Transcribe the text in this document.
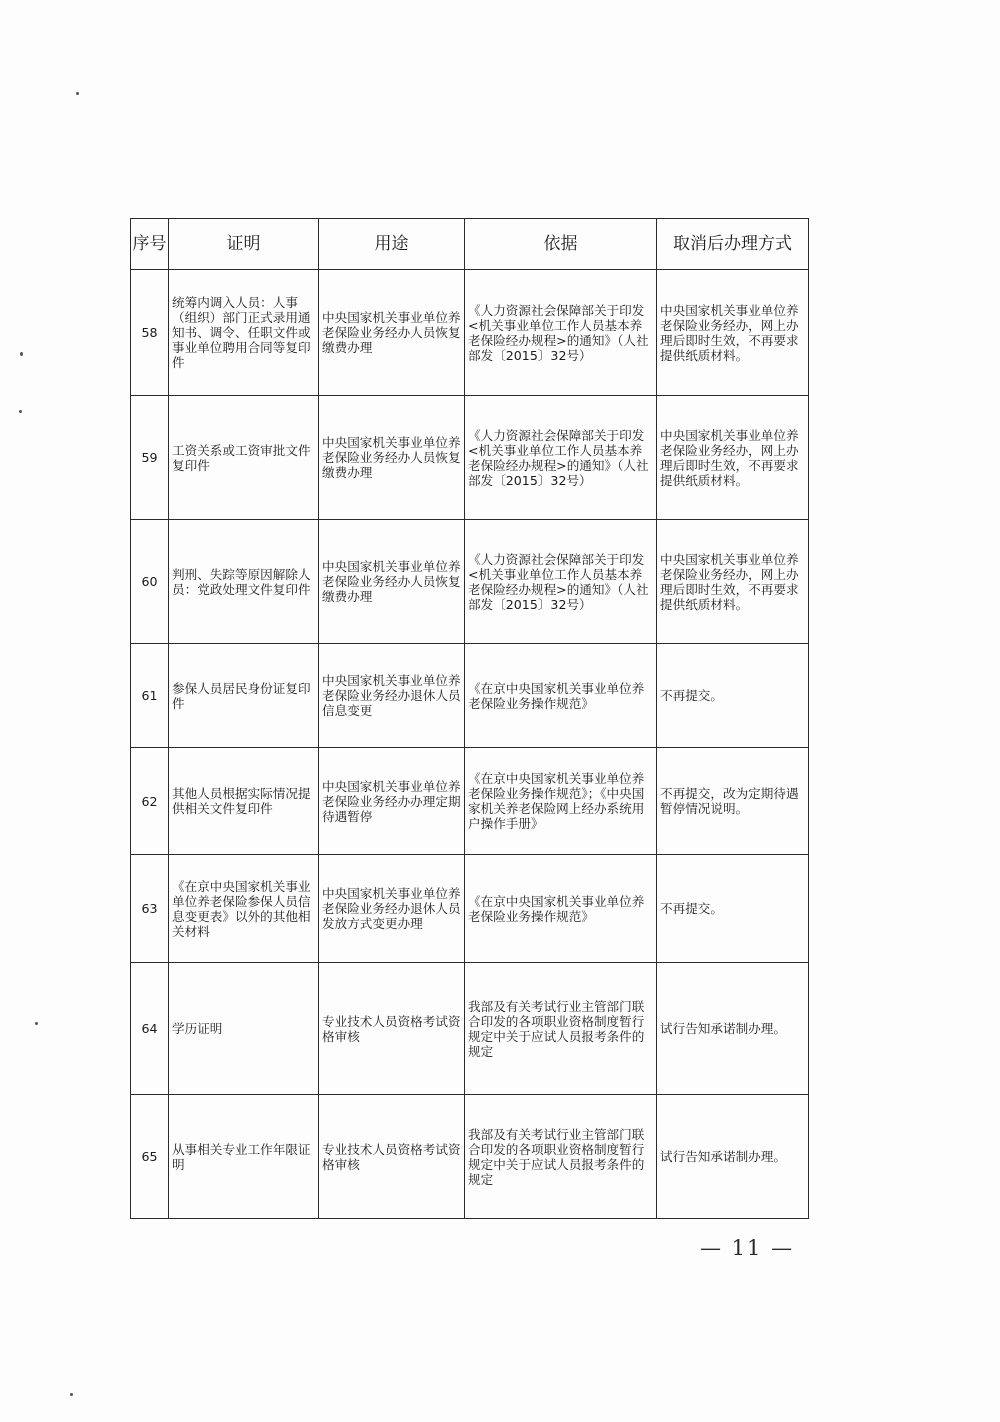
序号	证明	用途	依据	取消后办理方式
58	统筹内调入人员：人事（组织）部门正式录用通知书、调令、任职文件或事业单位聘用合同等复印件	中央国家机关事业单位养老保险业务经办人员恢复缴费办理	《人力资源社会保障部关于印发<机关事业单位工作人员基本养老保险经办规程>的通知》（人社部发〔2015〕32号）	中央国家机关事业单位养老保险业务经办，网上办理后即时生效，不再要求提供纸质材料。
59	工资关系或工资审批文件复印件	中央国家机关事业单位养老保险业务经办人员恢复缴费办理	《人力资源社会保障部关于印发<机关事业单位工作人员基本养老保险经办规程>的通知》（人社部发〔2015〕32号）	中央国家机关事业单位养老保险业务经办，网上办理后即时生效，不再要求提供纸质材料。
60	判刑、失踪等原因解除人员：党政处理文件复印件	中央国家机关事业单位养老保险业务经办人员恢复缴费办理	《人力资源社会保障部关于印发<机关事业单位工作人员基本养老保险经办规程>的通知》（人社部发〔2015〕32号）	中央国家机关事业单位养老保险业务经办，网上办理后即时生效，不再要求提供纸质材料。
61	参保人员居民身份证复印件	中央国家机关事业单位养老保险业务经办退休人员信息变更	《在京中央国家机关事业单位养老保险业务操作规范》	不再提交。
62	其他人员根据实际情况提供相关文件复印件	中央国家机关事业单位养老保险业务经办办理定期待遇暂停	《在京中央国家机关事业单位养老保险业务操作规范》；《中央国家机关养老保险网上经办系统用户操作手册》	不再提交，改为定期待遇暂停情况说明。
63	《在京中央国家机关事业单位养老保险参保人员信息变更表》以外的其他相关材料	中央国家机关事业单位养老保险业务经办退休人员发放方式变更办理	《在京中央国家机关事业单位养老保险业务操作规范》	不再提交。
64	学历证明	专业技术人员资格考试资格审核	我部及有关考试行业主管部门联合印发的各项职业资格制度暂行规定中关于应试人员报考条件的规定	试行告知承诺制办理。
65	从事相关专业工作年限证明	专业技术人员资格考试资格审核	我部及有关考试行业主管部门联合印发的各项职业资格制度暂行规定中关于应试人员报考条件的规定	试行告知承诺制办理。
— 11 —
